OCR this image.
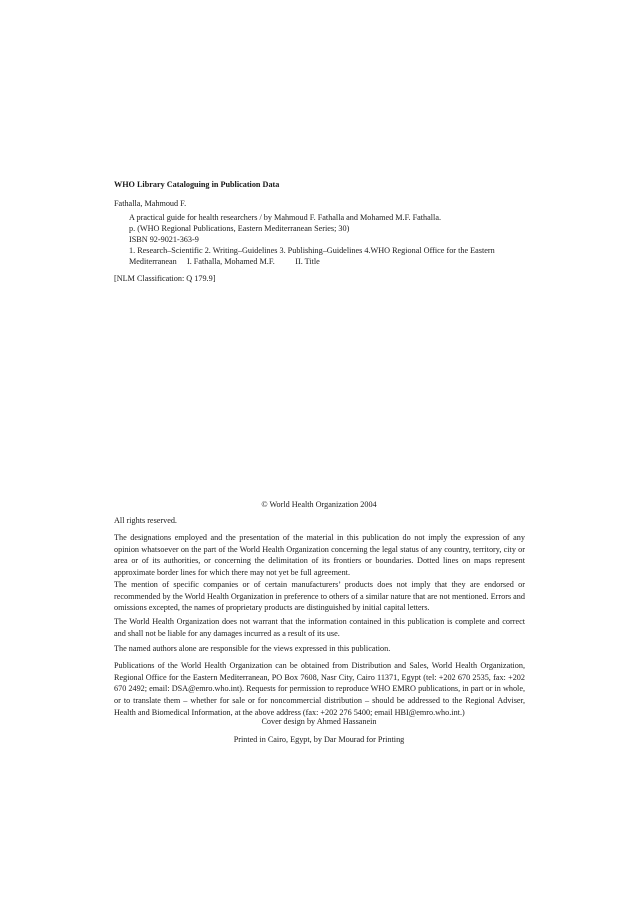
WHO Library Cataloguing in Publication Data
Fathalla, Mahmoud F.
A practical guide for health researchers / by Mahmoud F. Fathalla and Mohamed M.F. Fathalla.
p. (WHO Regional Publications, Eastern Mediterranean Series; 30)
ISBN 92-9021-363-9
1. Research–Scientific 2. Writing–Guidelines 3. Publishing–Guidelines 4.WHO Regional Office for the Eastern
Mediterranean     I. Fathalla, Mohamed M.F.          II. Title
[NLM Classification: Q 179.9]
© World Health Organization 2004
All rights reserved.
The designations employed and the presentation of the material in this publication do not imply the expression of any opinion whatsoever on the part of the World Health Organization concerning the legal status of any country, territory, city or area or of its authorities, or concerning the delimitation of its frontiers or boundaries. Dotted lines on maps represent approximate border lines for which there may not yet be full agreement.
The mention of specific companies or of certain manufacturers’ products does not imply that they are endorsed or recommended by the World Health Organization in preference to others of a similar nature that are not mentioned. Errors and omissions excepted, the names of proprietary products are distinguished by initial capital letters.
The World Health Organization does not warrant that the information contained in this publication is complete and correct and shall not be liable for any damages incurred as a result of its use.
The named authors alone are responsible for the views expressed in this publication.
Publications of the World Health Organization can be obtained from Distribution and Sales, World Health Organization, Regional Office for the Eastern Mediterranean, PO Box 7608, Nasr City, Cairo 11371, Egypt (tel: +202 670 2535, fax: +202 670 2492; email: DSA@emro.who.int). Requests for permission to reproduce WHO EMRO publications, in part or in whole, or to translate them – whether for sale or for noncommercial distribution – should be addressed to the Regional Adviser, Health and Biomedical Information, at the above address (fax: +202 276 5400; email HBI@emro.who.int.)
Cover design by Ahmed Hassanein
Printed in Cairo, Egypt, by Dar Mourad for Printing
